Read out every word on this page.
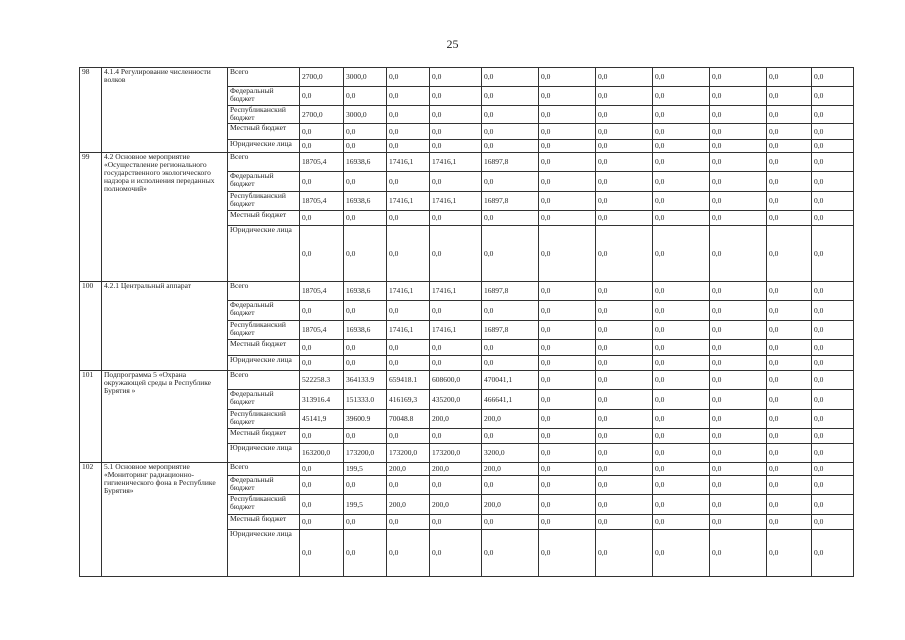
25
98	4.1.4 Регулирование численности волков	Всего	2700,0	3000,0	0,0	0,0	0,0	0,0	0,0	0,0	0,0	0,0	0,0
		Федеральный бюджет	0,0	0,0	0,0	0,0	0,0	0,0	0,0	0,0	0,0	0,0	0,0
		Республиканский бюджет	2700,0	3000,0	0,0	0,0	0,0	0,0	0,0	0,0	0,0	0,0	0,0
		Местный бюджет	0,0	0,0	0,0	0,0	0,0	0,0	0,0	0,0	0,0	0,0	0,0
		Юридические лица	0,0	0,0	0,0	0,0	0,0	0,0	0,0	0,0	0,0	0,0	0,0
99	4.2 Основное мероприятие «Осуществление регионального государственного экологического надзора и исполнения переданных полномочий»	Всего	18705,4	16938,6	17416,1	17416,1	16897,8	0,0	0,0	0,0	0,0	0,0	0,0
		Федеральный бюджет	0,0	0,0	0,0	0,0	0,0	0,0	0,0	0,0	0,0	0,0	0,0
		Республиканский бюджет	18705,4	16938,6	17416,1	17416,1	16897,8	0,0	0,0	0,0	0,0	0,0	0,0
		Местный бюджет	0,0	0,0	0,0	0,0	0,0	0,0	0,0	0,0	0,0	0,0	0,0
		Юридические лица	0,0	0,0	0,0	0,0	0,0	0,0	0,0	0,0	0,0	0,0	0,0
100	4.2.1 Центральный аппарат	Всего	18705,4	16938,6	17416,1	17416,1	16897,8	0,0	0,0	0,0	0,0	0,0	0,0
		Федеральный бюджет	0,0	0,0	0,0	0,0	0,0	0,0	0,0	0,0	0,0	0,0	0,0
		Республиканский бюджет	18705,4	16938,6	17416,1	17416,1	16897,8	0,0	0,0	0,0	0,0	0,0	0,0
		Местный бюджет	0,0	0,0	0,0	0,0	0,0	0,0	0,0	0,0	0,0	0,0	0,0
		Юридические лица	0,0	0,0	0,0	0,0	0,0	0,0	0,0	0,0	0,0	0,0	0,0
101	Подпрограмма 5 «Охрана окружающей среды в Республике Бурятия »	Всего	522258.3	364133.9	659418.1	608600,0	470041,1	0,0	0,0	0,0	0,0	0,0	0,0
		Федеральный бюджет	313916.4	151333.0	416169,3	435200,0	466641,1	0,0	0,0	0,0	0,0	0,0	0,0
		Республиканский бюджет	45141,9	39600.9	70048.8	200,0	200,0	0,0	0,0	0,0	0,0	0,0	0,0
		Местный бюджет	0,0	0,0	0,0	0,0	0,0	0,0	0,0	0,0	0,0	0,0	0,0
		Юридические лица	163200,0	173200,0	173200,0	173200,0	3200,0	0,0	0,0	0,0	0,0	0,0	0,0
102	5.1 Основное мероприятие «Мониторинг радиационно-гигиенического фона в Республике Бурятия»	Всего	0,0	199,5	200,0	200,0	200,0	0,0	0,0	0,0	0,0	0,0	0,0
		Федеральный бюджет	0,0	0,0	0,0	0,0	0,0	0,0	0,0	0,0	0,0	0,0	0,0
		Республиканский бюджет	0,0	199,5	200,0	200,0	200,0	0,0	0,0	0,0	0,0	0,0	0,0
		Местный бюджет	0,0	0,0	0,0	0,0	0,0	0,0	0,0	0,0	0,0	0,0	0,0
		Юридические лица	0,0	0,0	0,0	0,0	0,0	0,0	0,0	0,0	0,0	0,0	0,0
